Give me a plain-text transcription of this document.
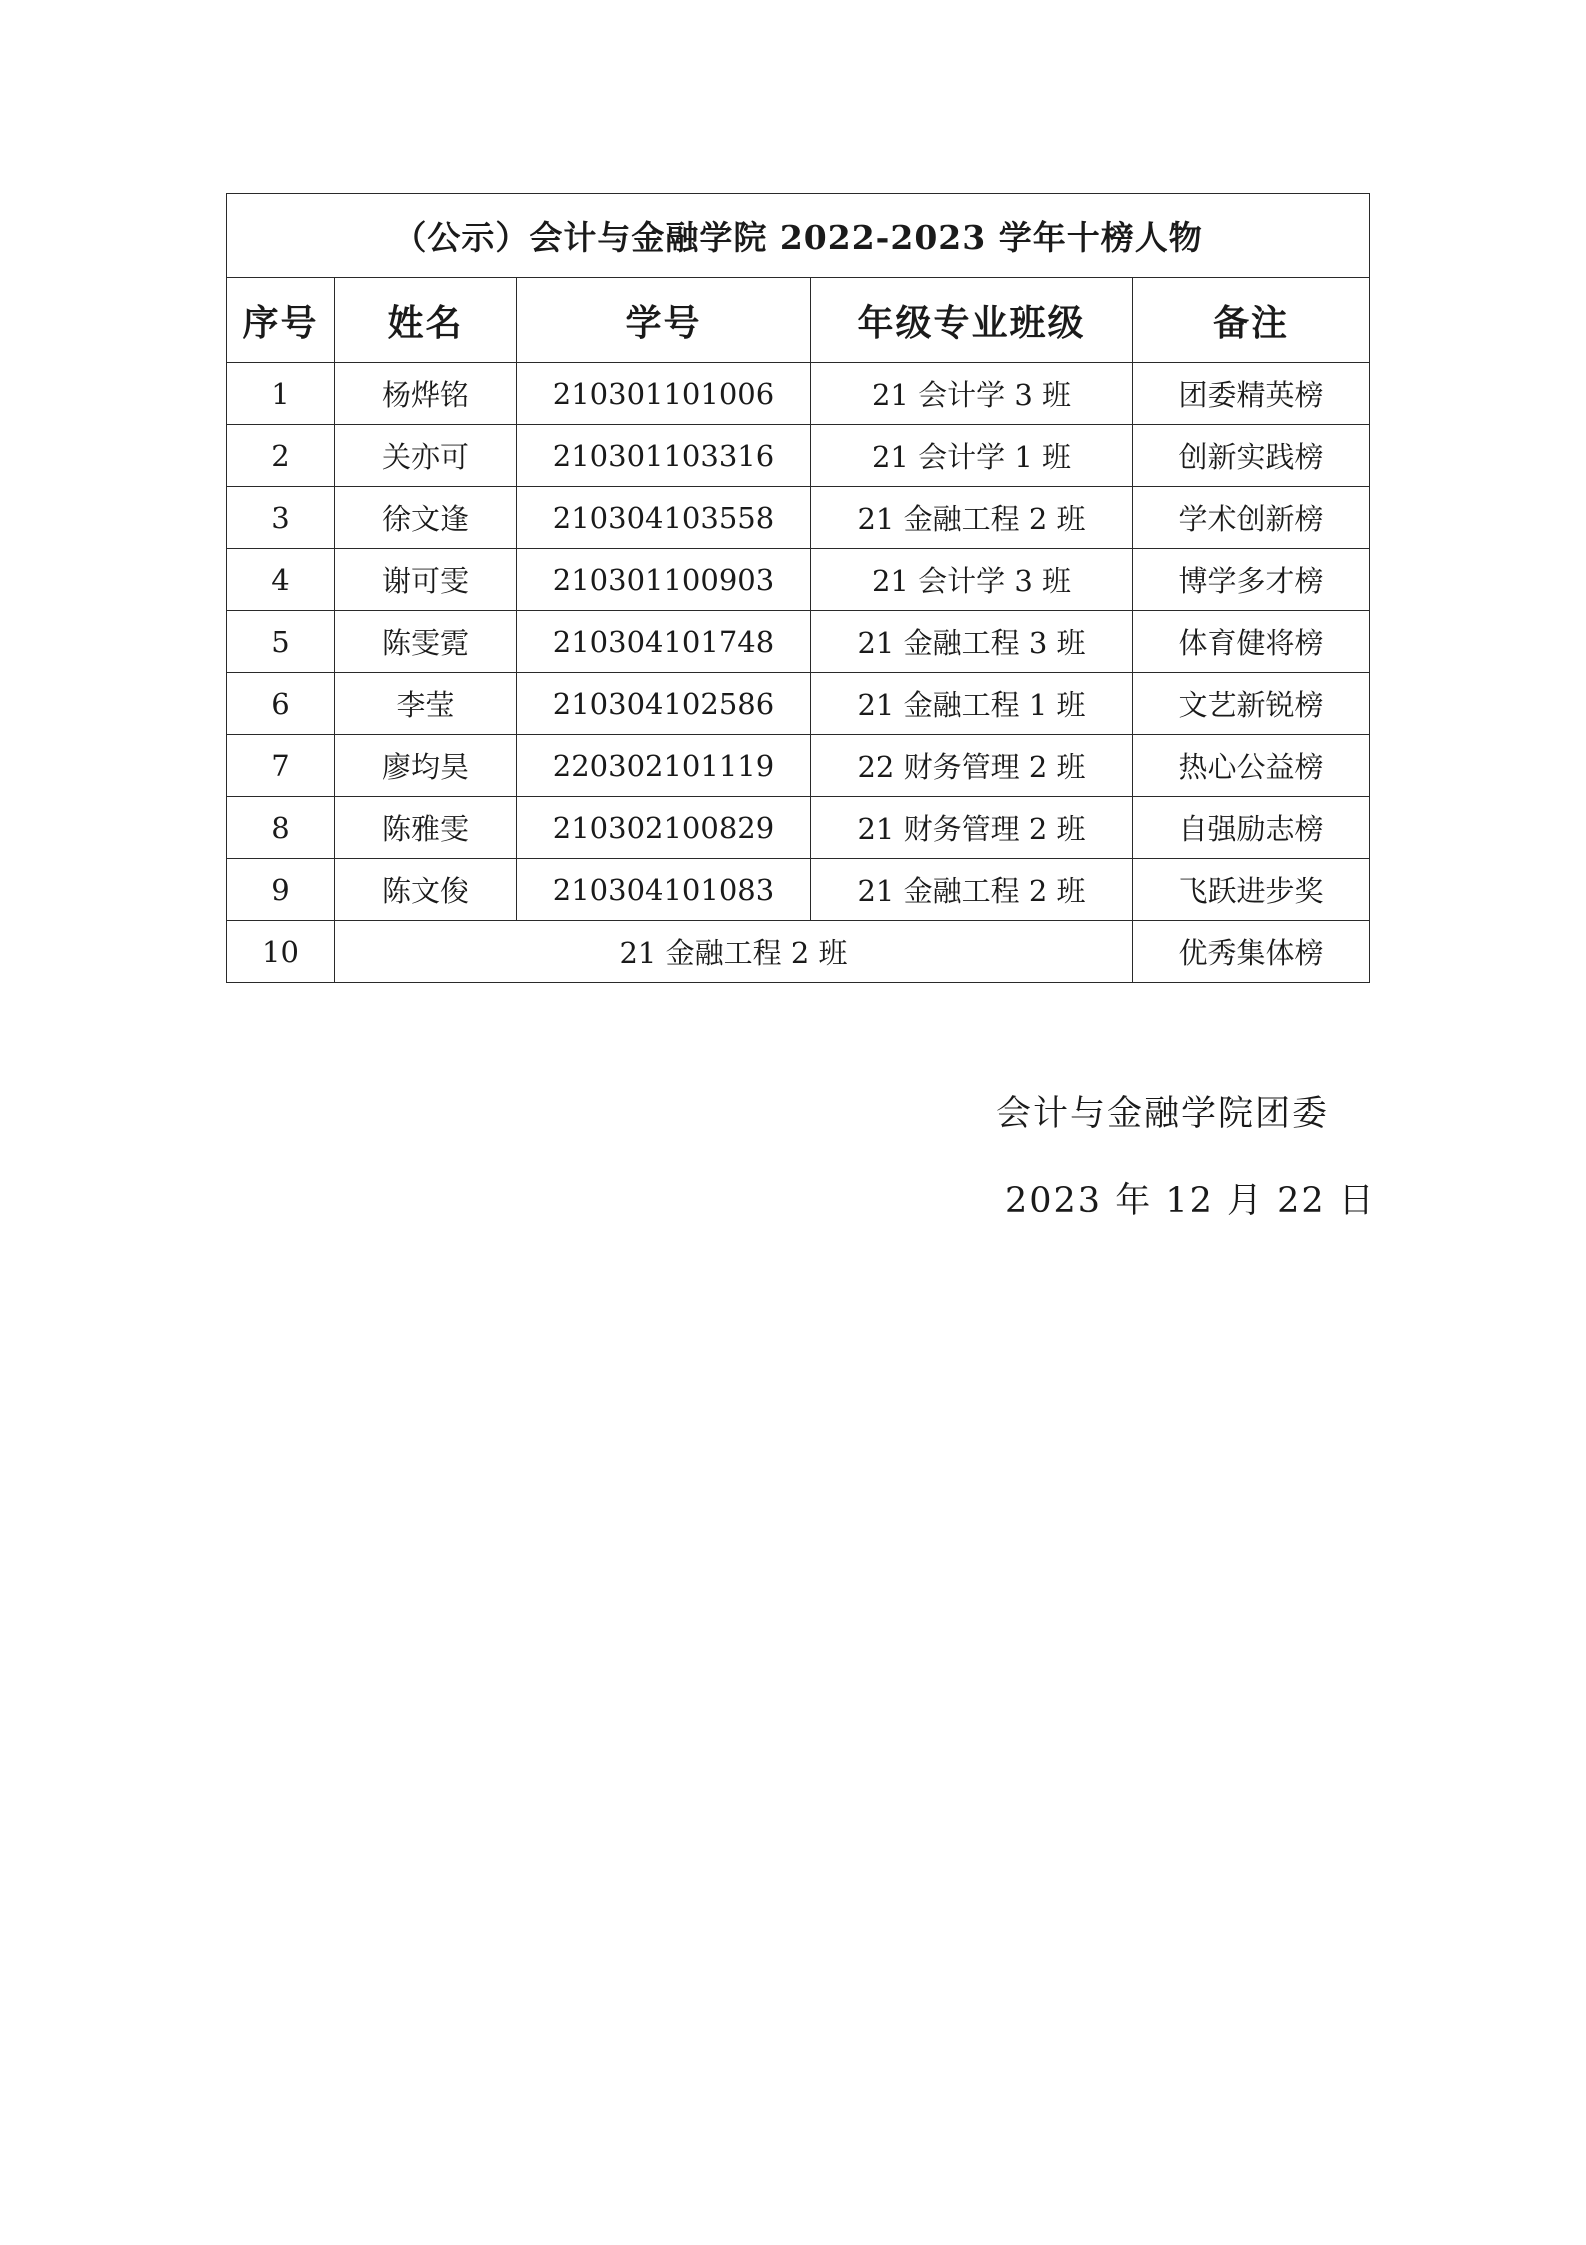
（公示）会计与金融学院 2022-2023 学年十榜人物				
序号	姓名	学号	年级专业班级	备注
1	杨烨铭	210301101006	21 会计学 3 班	团委精英榜
2	关亦可	210301103316	21 会计学 1 班	创新实践榜
3	徐文逢	210304103558	21 金融工程 2 班	学术创新榜
4	谢可雯	210301100903	21 会计学 3 班	博学多才榜
5	陈雯霓	210304101748	21 金融工程 3 班	体育健将榜
6	李莹	210304102586	21 金融工程 1 班	文艺新锐榜
7	廖均昊	220302101119	22 财务管理 2 班	热心公益榜
8	陈雅雯	210302100829	21 财务管理 2 班	自强励志榜
9	陈文俊	210304101083	21 金融工程 2 班	飞跃进步奖
10	21 金融工程 2 班			优秀集体榜
会计与金融学院团委
2023 年 12 月 22 日
